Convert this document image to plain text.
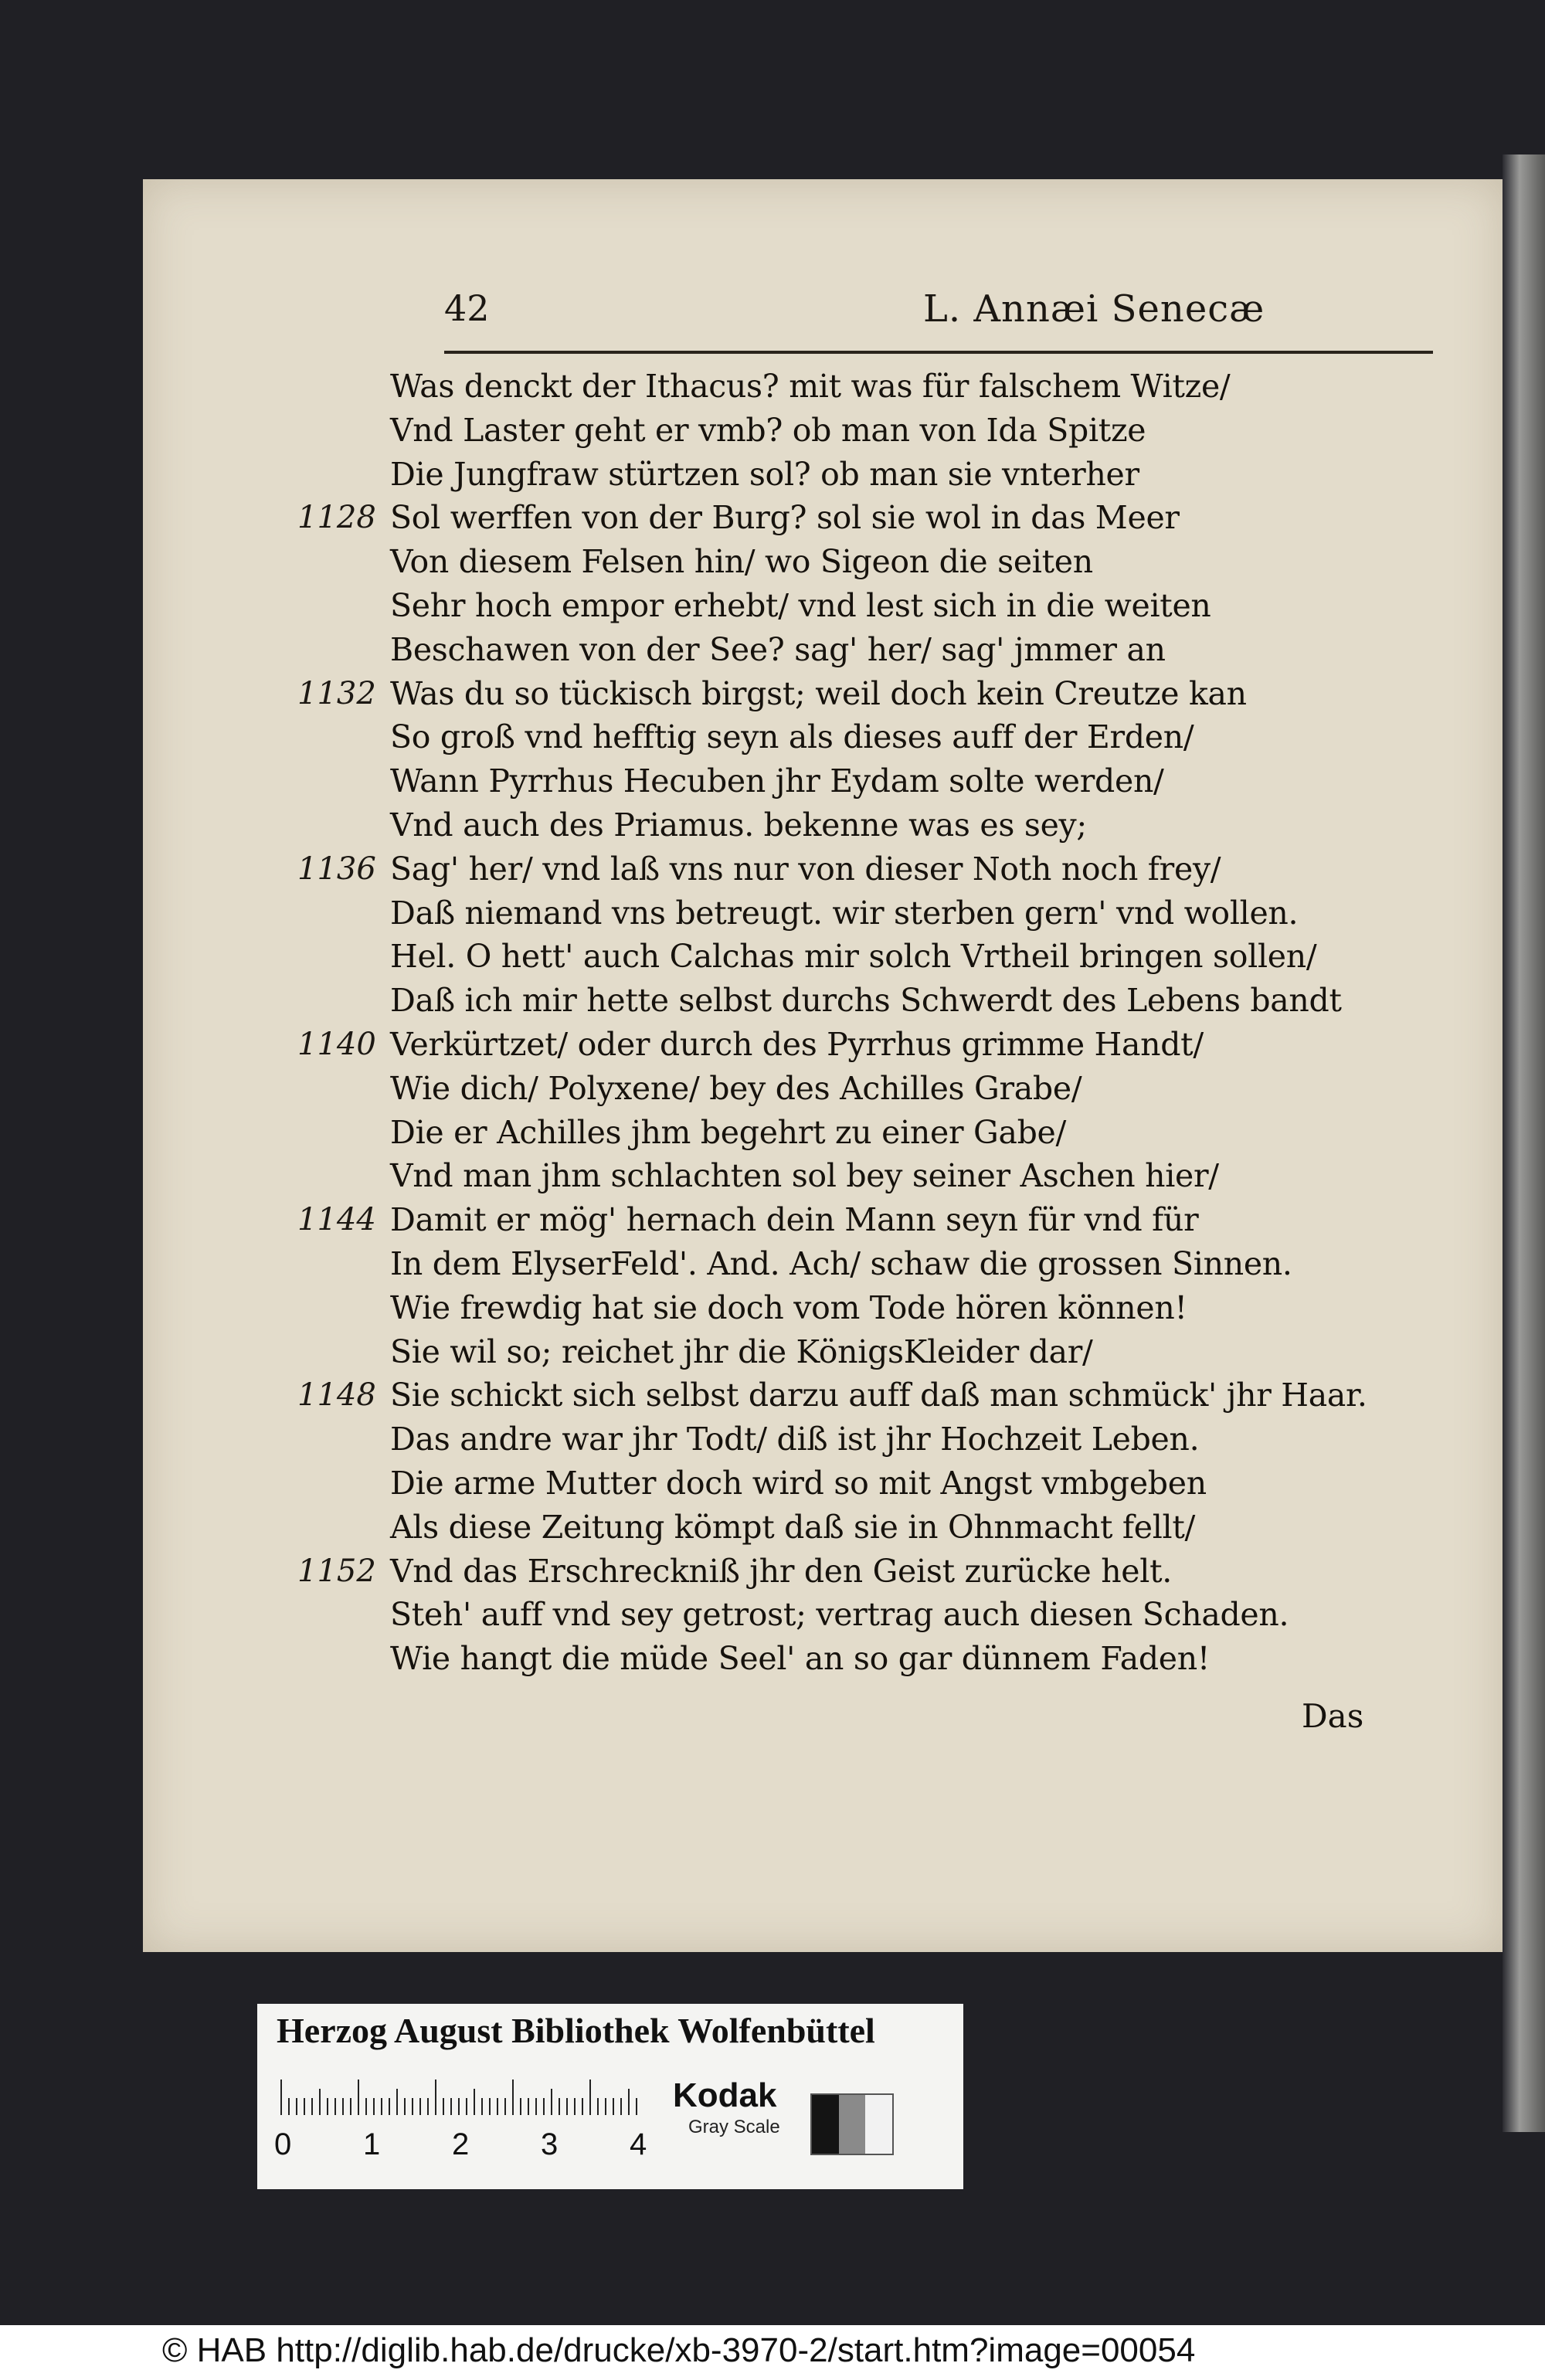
42	L. Annæi Senecæ
Was denckt der Ithacus? mit was für falschem Witze/
Vnd Laster geht er vmb? ob man von Ida Spitze
Die Jungfraw stürtzen sol? ob man sie vnterher
1128 Sol werffen von der Burg? sol sie wol in das Meer
Von diesem Felsen hin/ wo Sigeon die seiten
Sehr hoch empor erhebt/ vnd lest sich in die weiten
Beschawen von der See? sag' her/ sag' jmmer an
1132 Was du so tückisch birgst; weil doch kein Creutze kan
So groß vnd hefftig seyn als dieses auff der Erden/
Wann Pyrrhus Hecuben jhr Eydam solte werden/
Vnd auch des Priamus. bekenne was es sey;
1136 Sag' her/ vnd laß vns nur von dieser Noth noch frey/
Daß niemand vns betreugt. wir sterben gern' vnd wollen.
Hel. O hett' auch Calchas mir solch Vrtheil bringen sollen/
Daß ich mir hette selbst durchs Schwerdt des Lebens bandt
1140 Verkürtzet/ oder durch des Pyrrhus grimme Handt/
Wie dich/ Polyxene/ bey des Achilles Grabe/
Die er Achilles jhm begehrt zu einer Gabe/
Vnd man jhm schlachten sol bey seiner Aschen hier/
1144 Damit er mög' hernach dein Mann seyn für vnd für
In dem ElyserFeld'. And. Ach/ schaw die grossen Sinnen.
Wie frewdig hat sie doch vom Tode hören können!
Sie wil so; reichet jhr die KönigsKleider dar/
1148 Sie schickt sich selbst darzu auff daß man schmück' jhr Haar.
Das andre war jhr Todt/ diß ist jhr Hochzeit Leben.
Die arme Mutter doch wird so mit Angst vmbgeben
Als diese Zeitung kömpt daß sie in Ohnmacht fellt/
1152 Vnd das Erschreckniß jhr den Geist zurücke helt.
Steh' auff vnd sey getrost; vertrag auch diesen Schaden.
Wie hangt die müde Seel' an so gar dünnem Faden!
Das
Herzog August Bibliothek Wolfenbüttel
0 1 2 3 4
Kodak
Gray Scale
© HAB http://diglib.hab.de/drucke/xb-3970-2/start.htm?image=00054
